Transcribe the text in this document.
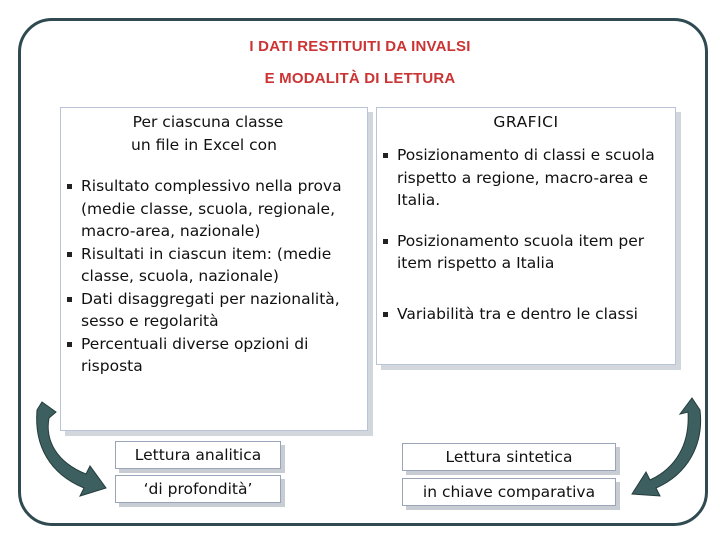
I DATI RESTITUITI DA INVALSI
E MODALITÀ DI LETTURA
Per ciascuna classe
un file in Excel con
Risultato complessivo nella prova (medie classe, scuola, regionale, macro-area, nazionale)
Risultati in ciascun item: (medie classe, scuola, nazionale)
Dati disaggregati per nazionalità, sesso e regolarità
Percentuali diverse opzioni di risposta
GRAFICI
Posizionamento di classi e scuola rispetto a regione, macro-area e Italia.
Posizionamento scuola item per item rispetto a Italia
Variabilità tra e dentro le classi
Lettura analitica
‘di profondità’
Lettura sintetica
in chiave comparativa
